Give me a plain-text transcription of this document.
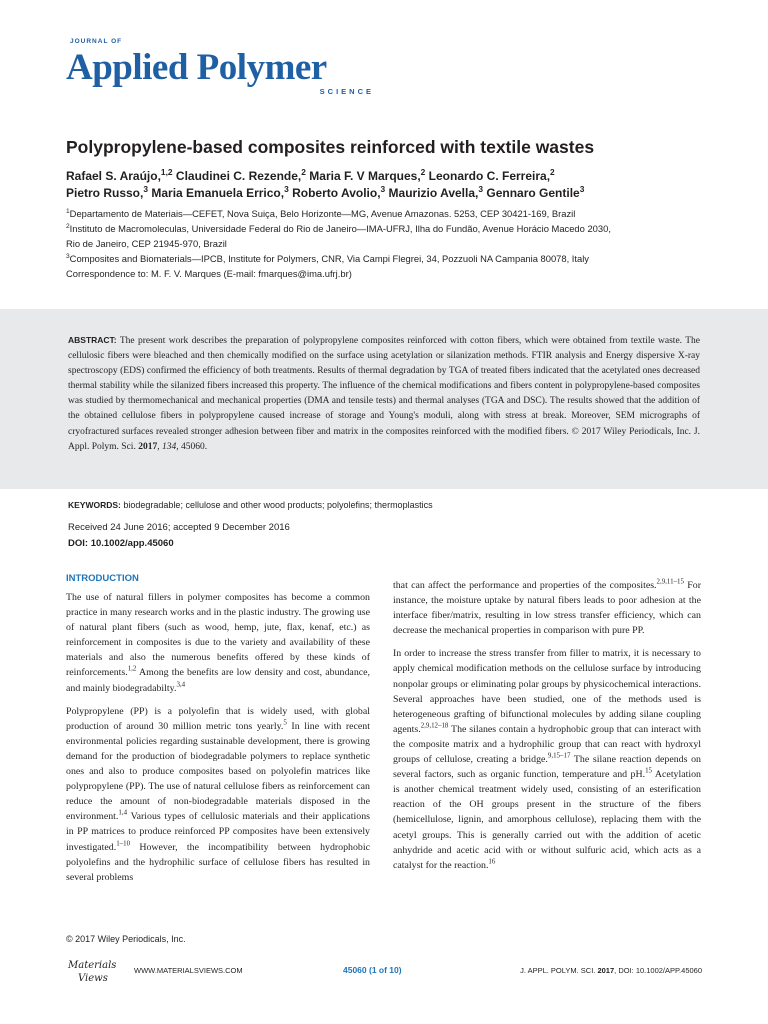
JOURNAL OF
Applied Polymer
SCIENCE
Polypropylene-based composites reinforced with textile wastes
Rafael S. Araújo,$^{1,2}$ Claudinei C. Rezende,$^2$ Maria F. V Marques,$^2$ Leonardo C. Ferreira,$^2$
Pietro Russo,$^3$ Maria Emanuela Errico,$^3$ Roberto Avolio,$^3$ Maurizio Avella,$^3$ Gennaro Gentile$^3$
$^1$Departamento de Materiais—CEFET, Nova Suiça, Belo Horizonte—MG, Avenue Amazonas. 5253, CEP 30421-169, Brazil
$^2$Instituto de Macromoleculas, Universidade Federal do Rio de Janeiro—IMA-UFRJ, Ilha do Fundão, Avenue Horácio Macedo 2030,
Rio de Janeiro, CEP 21945-970, Brazil
$^3$Composites and Biomaterials—IPCB, Institute for Polymers, CNR, Via Campi Flegrei, 34, Pozzuoli NA Campania 80078, Italy
Correspondence to: M. F. V. Marques (E-mail: fmarques@ima.ufrj.br)
ABSTRACT: The present work describes the preparation of polypropylene composites reinforced with cotton fibers, which were obtained from textile waste. The cellulosic fibers were bleached and then chemically modified on the surface using acetylation or silanization methods. FTIR analysis and Energy dispersive X-ray spectroscopy (EDS) confirmed the efficiency of both treatments. Results of thermal degradation by TGA of treated fibers indicated that the acetylated ones decreased thermal stability while the silanized fibers increased this property. The influence of the chemical modifications and fibers content in polypropylene-based composites was studied by thermomechanical and mechanical properties (DMA and tensile tests) and thermal analyses (TGA and DSC). The results showed that the addition of the obtained cellulose fibers in polypropylene caused increase of storage and Young's moduli, along with stress at break. Moreover, SEM micrographs of cryofractured surfaces revealed stronger adhesion between fiber and matrix in the composites reinforced with the modified fibers. © 2017 Wiley Periodicals, Inc. J. Appl. Polym. Sci. 2017, 134, 45060.
KEYWORDS: biodegradable; cellulose and other wood products; polyolefins; thermoplastics
Received 24 June 2016; accepted 9 December 2016
DOI: 10.1002/app.45060
INTRODUCTION

The use of natural fillers in polymer composites has become a common practice in many research works and in the plastic industry. The growing use of natural plant fibers (such as wood, hemp, jute, flax, kenaf, etc.) as reinforcement in composites is due to the variety and availability of these materials and also the numerous benefits offered by these kinds of reinforcements.$^{1,2}$ Among the benefits are low density and cost, abundance, and mainly biodegradabilty.$^{3,4}$

Polypropylene (PP) is a polyolefin that is widely used, with global production of around 30 million metric tons yearly.$^5$ In line with recent environmental policies regarding sustainable development, there is growing demand for the production of biodegradable polymers to replace synthetic ones and also to produce composites based on polyolefin matrices like polypropylene (PP). The use of natural cellulose fibers as reinforcement can reduce the amount of non-biodegradable materials disposed in the environment.$^{1,4}$ Various types of cellulosic materials and their applications in PP matrices to produce reinforced PP composites have been extensively investigated.$^{1-10}$ However, the incompatibility between hydrophobic polyolefins and the hydrophilic surface of cellulose fibers has resulted in several problems

that can affect the performance and properties of the composites.$^{2,9,11-15}$ For instance, the moisture uptake by natural fibers leads to poor adhesion at the interface fiber/matrix, resulting in low stress transfer efficiency, which can decrease the mechanical properties in comparison with pure PP.

In order to increase the stress transfer from filler to matrix, it is necessary to apply chemical modification methods on the cellulose surface by introducing nonpolar groups or eliminating polar groups by physicochemical interactions. Several approaches have been studied, one of the methods used is heterogeneous grafting of bifunctional molecules by adding silane coupling agents.$^{2,9,12-18}$ The silanes contain a hydrophobic group that can interact with the composite matrix and a hydrophilic group that can react with hydroxyl groups of cellulose, creating a bridge.$^{9,15-17}$ The silane reaction depends on several factors, such as organic function, temperature and pH.$^{15}$ Acetylation is another chemical treatment widely used, consisting of an esterification reaction of the OH groups present in the structure of the fibers (hemicellulose, lignin, and amorphous cellulose), replacing them with the acetyl groups. This is generally carried out with the addition of acetic anhydride and acetic acid with or without sulfuric acid, which acts as a catalyst for the reaction.$^{16}$

© 2017 Wiley Periodicals, Inc.
Materials
Views
WWW.MATERIALSVIEWS.COM	45060 (1 of 10)	J. APPL. POLYM. SCI. 2017, DOI: 10.1002/APP.45060
